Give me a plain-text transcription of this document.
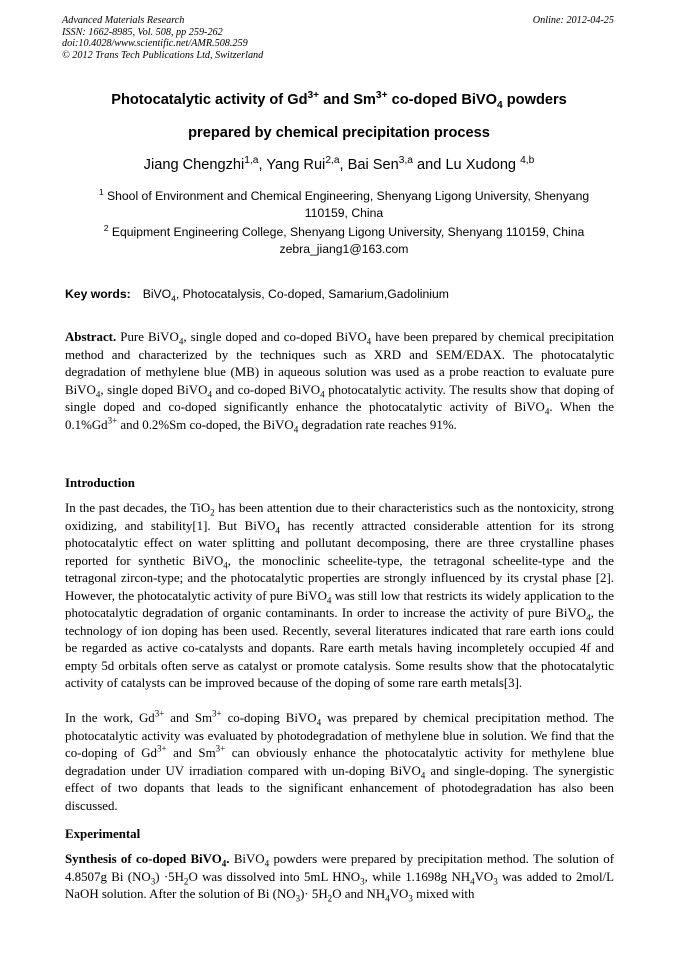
Advanced Materials Research
ISSN: 1662-8985, Vol. 508, pp 259-262
doi:10.4028/www.scientific.net/AMR.508.259
© 2012 Trans Tech Publications Ltd, Switzerland
Online: 2012-04-25
Photocatalytic activity of $Gd^{3+}$ and $Sm^{3+}$ co-doped BiVO$_4$ powders
prepared by chemical precipitation process
Jiang Chengzhi$^{1,a}$, Yang Rui$^{2,a}$, Bai Sen$^{3,a}$ and Lu Xudong $^{4,b}$
$^1$ Shool of Environment and Chemical Engineering, Shenyang Ligong University, Shenyang 110159, China
$^2$ Equipment Engineering College, Shenyang Ligong University, Shenyang 110159, China
zebra_jiang1@163.com
Key words: BiVO$_4$, Photocatalysis, Co-doped, Samarium,Gadolinium
Abstract. Pure BiVO$_4$, single doped and co-doped BiVO$_4$ have been prepared by chemical precipitation method and characterized by the techniques such as XRD and SEM/EDAX. The photocatalytic degradation of methylene blue (MB) in aqueous solution was used as a probe reaction to evaluate pure BiVO$_4$, single doped BiVO$_4$ and co-doped BiVO$_4$ photocatalytic activity. The results show that doping of single doped and co-doped significantly enhance the photocatalytic activity of BiVO$_4$. When the $0.1\%Gd^{3+}$ and 0.2%Sm co-doped, the BiVO$_4$ degradation rate reaches 91%.
Introduction
In the past decades, the TiO$_2$ has been attention due to their characteristics such as the nontoxicity, strong oxidizing, and stability[1]. But BiVO$_4$ has recently attracted considerable attention for its strong photocatalytic effect on water splitting and pollutant decomposing, there are three crystalline phases reported for synthetic BiVO$_4$, the monoclinic scheelite-type, the tetragonal scheelite-type and the tetragonal zircon-type; and the photocatalytic properties are strongly influenced by its crystal phase [2]. However, the photocatalytic activity of pure BiVO$_4$ was still low that restricts its widely application to the photocatalytic degradation of organic contaminants. In order to increase the activity of pure BiVO$_4$, the technology of ion doping has been used. Recently, several literatures indicated that rare earth ions could be regarded as active co-catalysts and dopants. Rare earth metals having incompletely occupied 4f and empty 5d orbitals often serve as catalyst or promote catalysis. Some results show that the photocatalytic activity of catalysts can be improved because of the doping of some rare earth metals[3].
In the work, $Gd^{3+}$ and $Sm^{3+}$ co-doping BiVO$_4$ was prepared by chemical precipitation method. The photocatalytic activity was evaluated by photodegradation of methylene blue in solution. We find that the co-doping of $Gd^{3+}$ and $Sm^{3+}$ can obviously enhance the photocatalytic activity for methylene blue degradation under UV irradiation compared with un-doping BiVO$_4$ and single-doping. The synergistic effect of two dopants that leads to the significant enhancement of photodegradation has also been discussed.
Experimental
Synthesis of co-doped BiVO$_4$. BiVO$_4$ powders were prepared by precipitation method. The solution of 4.8507g Bi $(NO_3) \cdot 5H_2O$ was dissolved into 5mL $HNO_3$, while 1.1698g $NH_4VO_3$ was added to 2mol/L NaOH solution. After the solution of Bi $(NO_3)\cdot 5H_2O$ and $NH_4VO_3$ mixed with
